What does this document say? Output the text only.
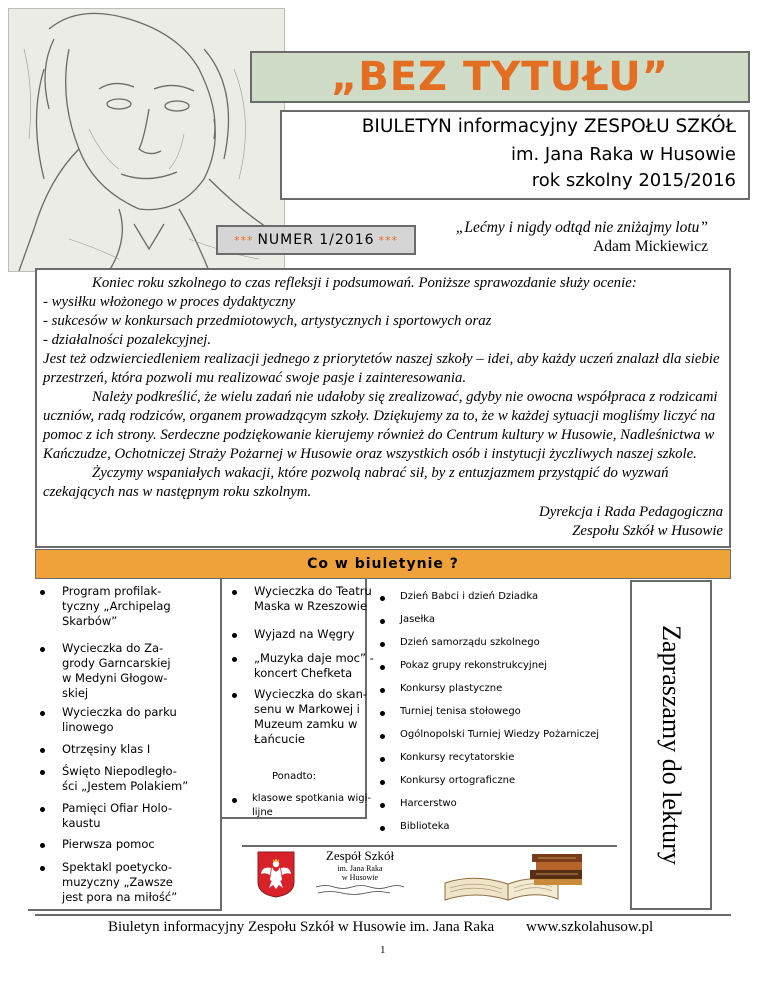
„BEZ TYTUŁU”
BIULETYN informacyjny ZESPOŁU SZKÓŁ
im. Jana Raka w Husowie
rok szkolny 2015/2016
*** NUMER 1/2016 ***
„Lećmy i nigdy odtąd nie zniżajmy lotu”
Adam Mickiewicz

Koniec roku szkolnego to czas refleksji i podsumowań. Poniższe sprawozdanie służy ocenie:

- wysiłku włożonego w proces dydaktyczny

- sukcesów w konkursach przedmiotowych, artystycznych i sportowych oraz

- działalności pozalekcyjnej.

Jest też odzwierciedleniem realizacji jednego z priorytetów naszej szkoły – idei, aby każdy uczeń znalazł dla siebie przestrzeń, która pozwoli mu realizować swoje pasje i zainteresowania.

Należy podkreślić, że wielu zadań nie udałoby się zrealizować, gdyby nie owocna współpraca z rodzicami uczniów, radą rodziców, organem prowadzącym szkoły. Dziękujemy za to, że w każdej sytuacji mogliśmy liczyć na pomoc z ich strony. Serdeczne podziękowanie kierujemy również do Centrum kultury w Husowie, Nadleśnictwa w Kańczudze, Ochotniczej Straży Pożarnej w Husowie oraz wszystkich osób i instytucji życzliwych naszej szkole.

Życzymy wspaniałych wakacji, które pozwolą nabrać sił, by z entuzjazmem przystąpić do wyzwań czekających nas w następnym roku szkolnym.

Dyrekcja i Rada Pedagogiczna
Zespołu Szkół w Husowie
Co w biuletynie ?
Program profilak-
tyczny „Archipelag
Skarbów”
Wycieczka do Za-
grody Garncarskiej
w Medyni Głogow-
skiej
Wycieczka do parku
linowego
Otrzęsiny klas I
Święto Niepodległo-
ści „Jestem Polakiem”
Pamięci Ofiar Holo-
kaustu
Pierwsza pomoc
Spektakl poetycko-
muzyczny „Zawsze
jest pora na miłość”
Wycieczka do Teatru
Maska w Rzeszowie
Wyjazd na Węgry
„Muzyka daje moc” -
koncert Chefketa
Wycieczka do skan-
senu w Markowej i
Muzeum zamku w
Łańcucie
Ponadto:
klasowe spotkania wigi-
lijne
Dzień Babci i dzień Dziadka
Jasełka
Dzień samorządu szkolnego
Pokaz grupy rekonstrukcyjnej
Konkursy plastyczne
Turniej tenisa stołowego
Ogólnopolski Turniej Wiedzy Pożarniczej
Konkursy recytatorskie
Konkursy ortograficzne
Harcerstwo
Biblioteka	Zapraszamy do lektury
Zespół Szkół
im. Jana Raka
w Husowie
Biuletyn informacyjny Zespołu Szkół w Husowie im. Jana Raka www.szkolahusow.pl
1
